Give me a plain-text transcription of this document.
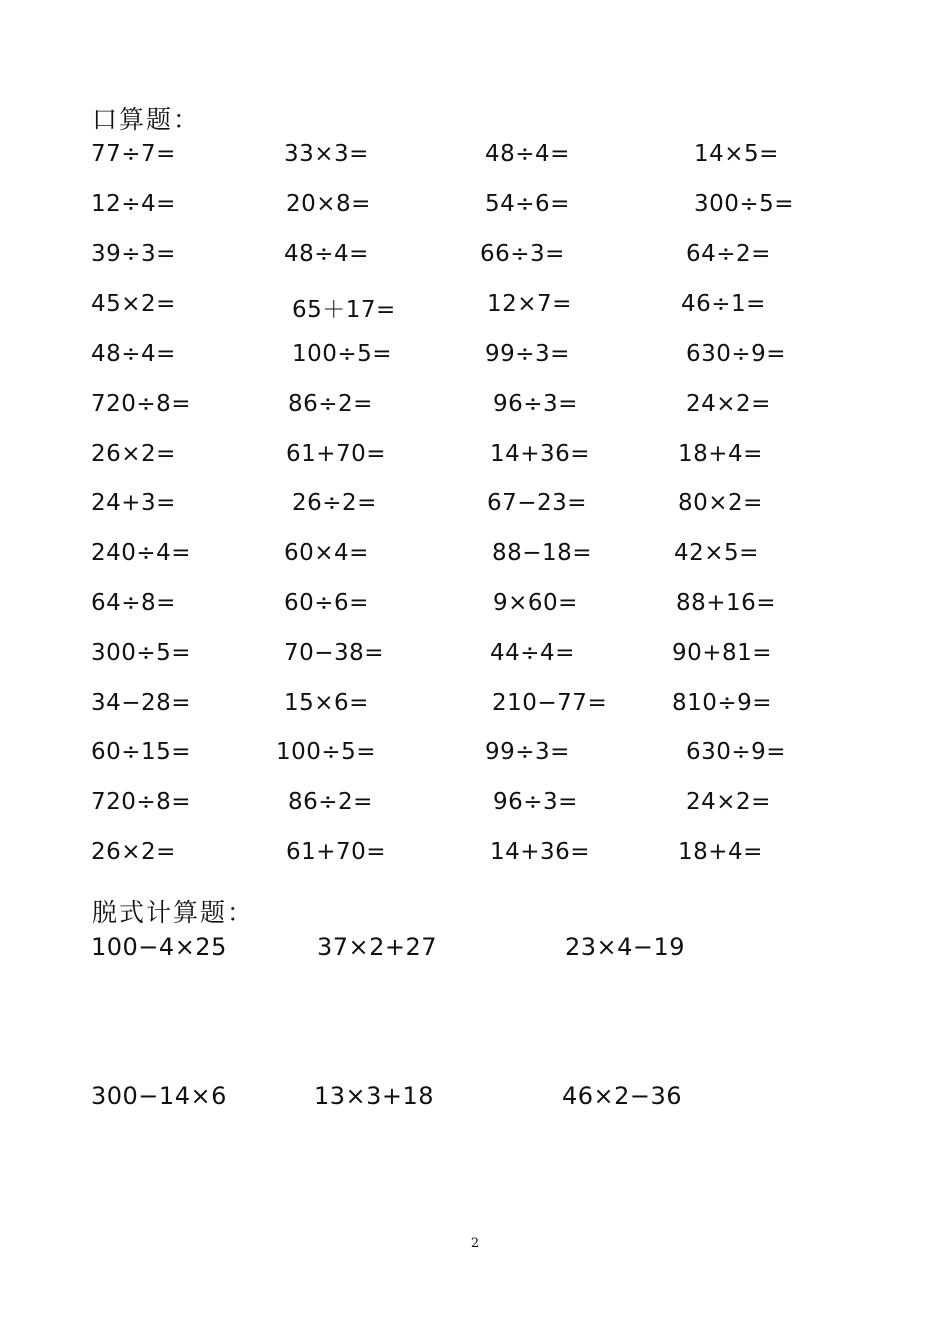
口算题：
77÷7=	33×3=	48÷4=	14×5=
12÷4=	20×8=	54÷6=	300÷5=
39÷3=	48÷4=	66÷3=	64÷2=
45×2=	65＋17=	12×7=	46÷1=
48÷4=	100÷5=	99÷3=	630÷9=
720÷8=	86÷2=	96÷3=	24×2=
26×2=	61+70=	14+36=	18+4=
24+3=	26÷2=	67−23=	80×2=
240÷4=	60×4=	88−18=	42×5=
64÷8=	60÷6=	9×60=	88+16=
300÷5=	70−38=	44÷4=	90+81=
34−28=	15×6=	210−77=	810÷9=
60÷15=	100÷5=	99÷3=	630÷9=
720÷8=	86÷2=	96÷3=	24×2=
26×2=	61+70=	14+36=	18+4=
脱式计算题：
100−4×25	37×2+27	23×4−19
300−14×6	13×3+18	46×2−36
2
